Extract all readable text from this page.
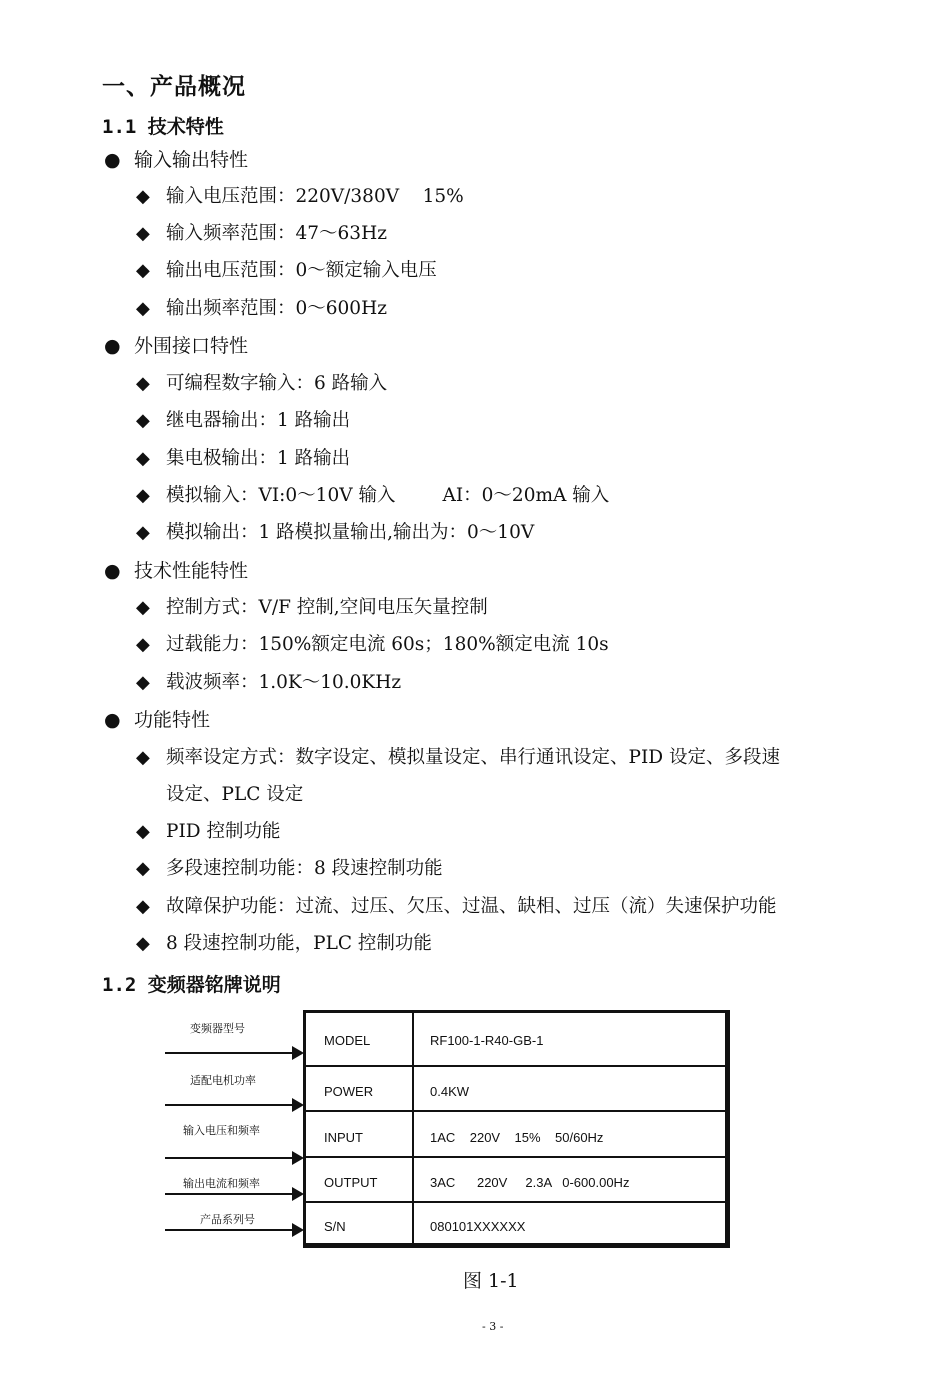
一、产品概况
1.1 技术特性
● 输入输出特性
◆ 输入电压范围：220V/380V    15%
◆ 输入频率范围：47～63Hz
◆ 输出电压范围：0～额定输入电压
◆ 输出频率范围：0～600Hz
● 外围接口特性
◆ 可编程数字输入：6 路输入
◆ 继电器输出：1 路输出
◆ 集电极输出：1 路输出
◆ 模拟输入：VI:0～10V 输入        AI：0～20mA 输入
◆ 模拟输出：1 路模拟量输出,输出为：0～10V
● 技术性能特性
◆ 控制方式：V/F 控制,空间电压矢量控制
◆ 过载能力：150%额定电流 60s；180%额定电流 10s
◆ 载波频率：1.0K～10.0KHz
● 功能特性
◆ 频率设定方式：数字设定、模拟量设定、串行通讯设定、PID 设定、多段速
设定、PLC 设定
◆ PID 控制功能
◆ 多段速控制功能：8 段速控制功能
◆ 故障保护功能：过流、过压、欠压、过温、缺相、过压（流）失速保护功能
◆ 8 段速控制功能，PLC 控制功能
1.2 变频器铭牌说明
变频器型号
适配电机功率
输入电压和频率
输出电流和频率
产品系列号
MODEL	RF100-1-R40-GB-1
POWER	0.4KW
INPUT	1AC    220V    15%    50/60Hz
OUTPUT	3AC      220V     2.3A   0-600.00Hz
S/N	080101XXXXXX
图 1-1
- 3 -
